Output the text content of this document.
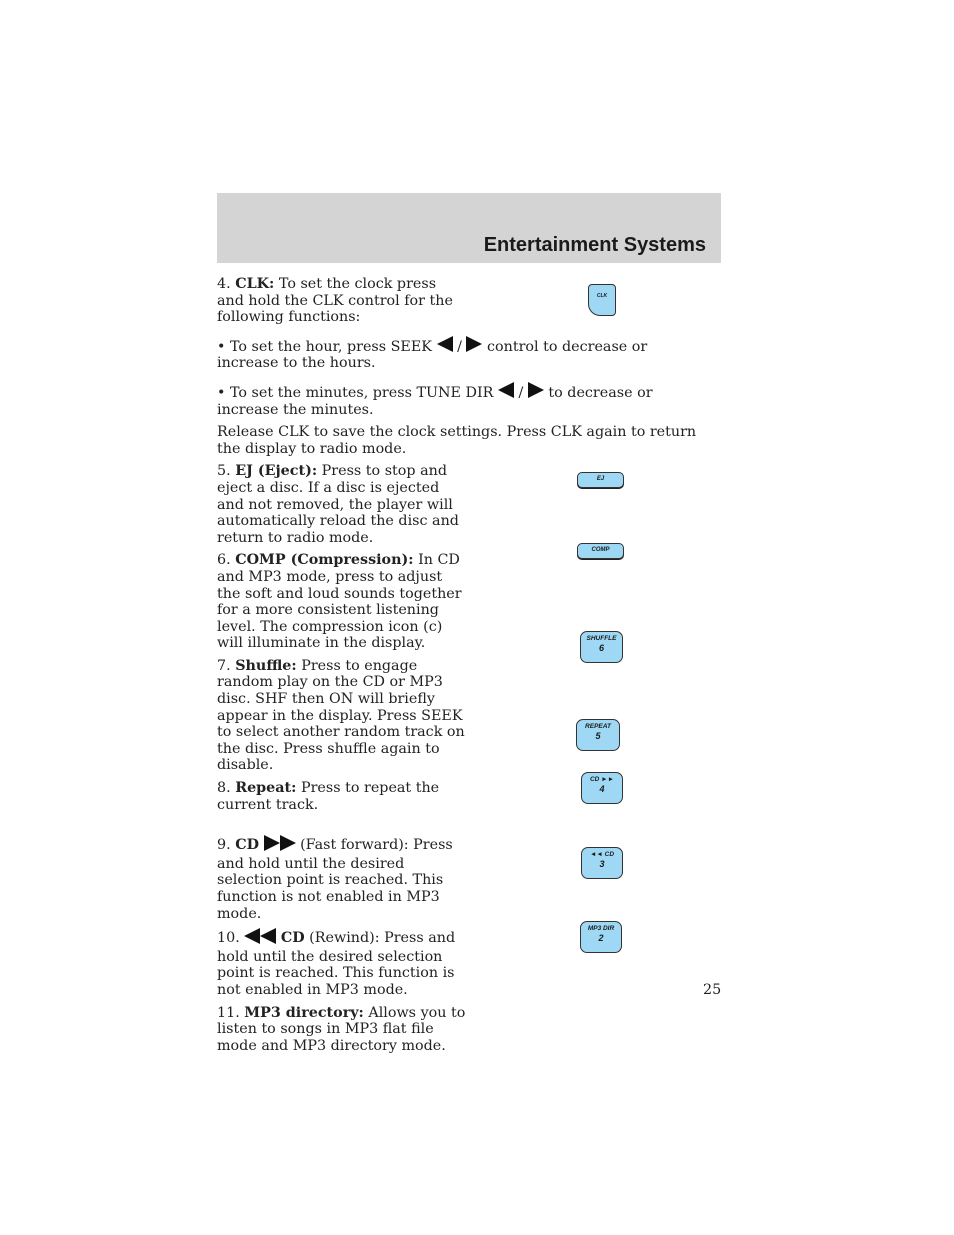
Entertainment Systems
CLK
EJ
COMP
SHUFFLE
6
REPEAT
5
CD ►►
4
◄◄ CD
3
MP3 DIR
2
4. CLK: To set the clock press and hold the CLK control for the following functions:
• To set the hour, press SEEK  /  control to decrease or increase to the hours.
• To set the minutes, press TUNE DIR  /  to decrease or increase the minutes.
Release CLK to save the clock settings. Press CLK again to return the display to radio mode.
5. EJ (Eject): Press to stop and eject a disc. If a disc is ejected and not removed, the player will automatically reload the disc and return to radio mode.
6. COMP (Compression): In CD and MP3 mode, press to adjust the soft and loud sounds together for a more consistent listening level. The compression icon (c) will illuminate in the display.
7. Shuffle: Press to engage random play on the CD or MP3 disc. SHF then ON will briefly appear in the display. Press SEEK to select another random track on the disc. Press shuffle again to disable.
8. Repeat: Press to repeat the current track.
9. CD	(Fast forward): Press and hold until the desired selection point is reached. This function is not enabled in MP3 mode.
10.	CD (Rewind): Press and hold until the desired selection point is reached. This function is not enabled in MP3 mode.
11. MP3 directory: Allows you to listen to songs in MP3 flat file mode and MP3 directory mode.
25
